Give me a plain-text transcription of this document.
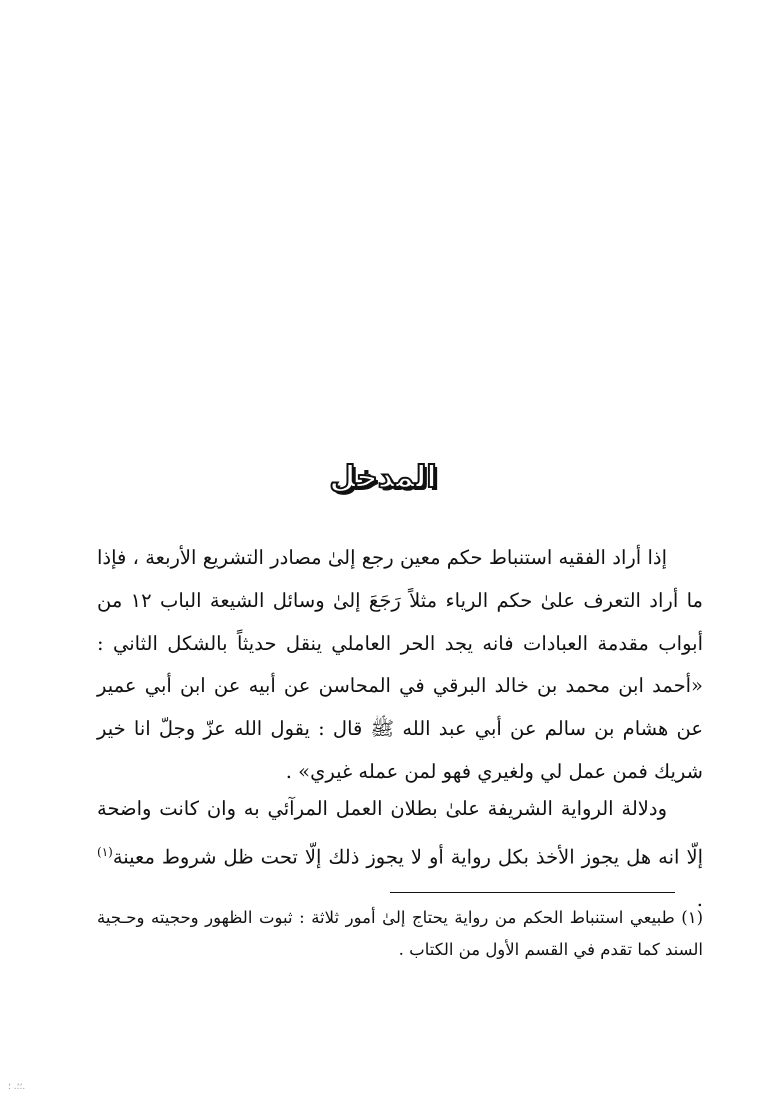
المدخل

إذا أراد الفقيه استنباط حكم معين رجع إلىٰ مصادر التشريع الأربعة ، فإذا ما أراد التعرف علىٰ حكم الرياء مثلاً رَجَعَ إلىٰ وسائل الشيعة الباب ١٢ من أبواب مقدمة العبادات فانه يجد الحر العاملي ينقل حديثاً بالشكل الثاني : «أحمد ابن محمد بن خالد البرقي في المحاسن عن أبيه عن ابن أبي عمير عن هشام بن سالم عن أبي عبد الله ﷺ قال : يقول الله عزّ وجلّ انا خير شريك فمن عمل لي ولغيري فهو لمن عمله غيري» .

ودلالة الرواية الشريفة علىٰ بطلان العمل المرآئي به وان كانت واضحة إلّا انه هل يجوز الأخذ بكل رواية أو لا يجوز ذلك إلّا تحت ظل شروط معينة$^{(١)}$ .

(١) طبيعي استنباط الحكم من رواية يحتاج إلىٰ أمور ثلاثة : ثبوت الظهور وحجيته وحـجية السند كما تقدم في القسم الأول من الكتاب .

؛؛. ؛.
